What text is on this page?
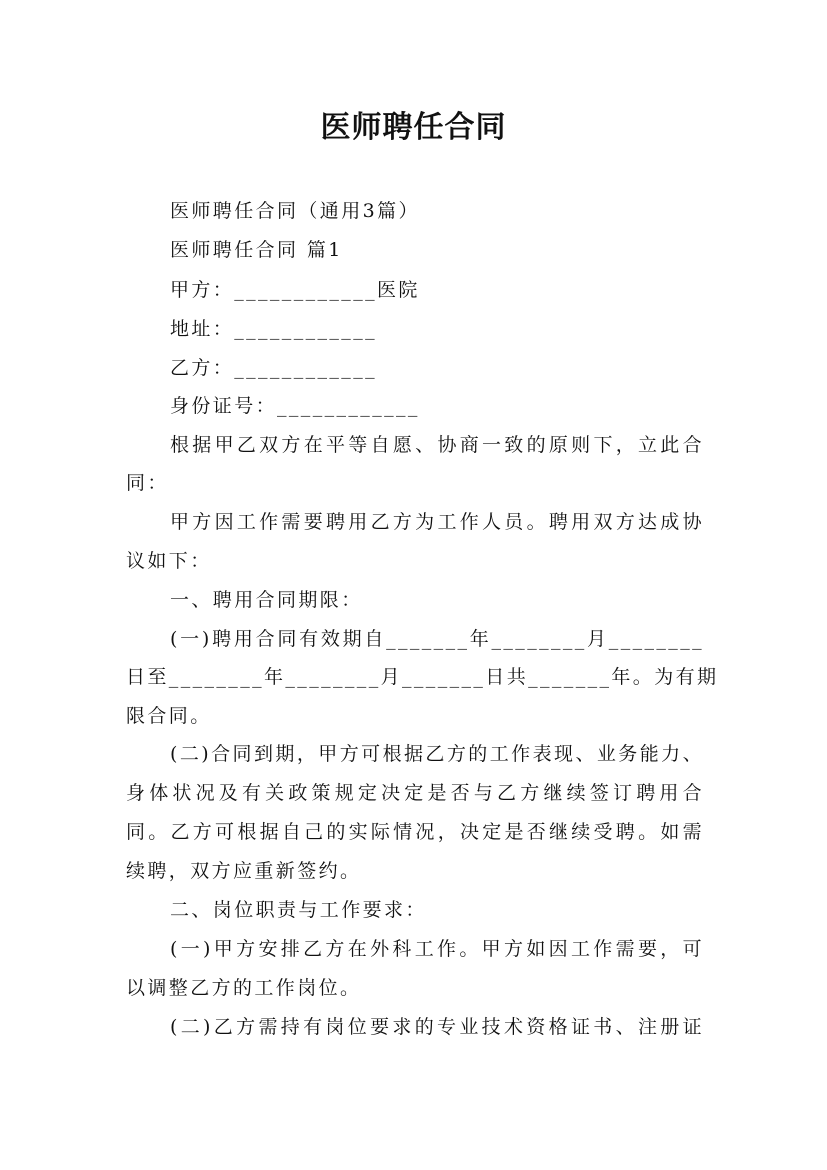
医师聘任合同
医师聘任合同（通用3篇）
医师聘任合同 篇1
甲方：____________医院
地址：____________
乙方：____________
身份证号：____________
根据甲乙双方在平等自愿、协商一致的原则下，立此合
同：
甲方因工作需要聘用乙方为工作人员。聘用双方达成协
议如下：
一、聘用合同期限：
(一)聘用合同有效期自_______年________月________
日至________年________月_______日共_______年。为有期
限合同。
(二)合同到期，甲方可根据乙方的工作表现、业务能力、
身体状况及有关政策规定决定是否与乙方继续签订聘用合
同。乙方可根据自己的实际情况，决定是否继续受聘。如需
续聘，双方应重新签约。
二、岗位职责与工作要求：
(一)甲方安排乙方在外科工作。甲方如因工作需要，可
以调整乙方的工作岗位。
(二)乙方需持有岗位要求的专业技术资格证书、注册证
